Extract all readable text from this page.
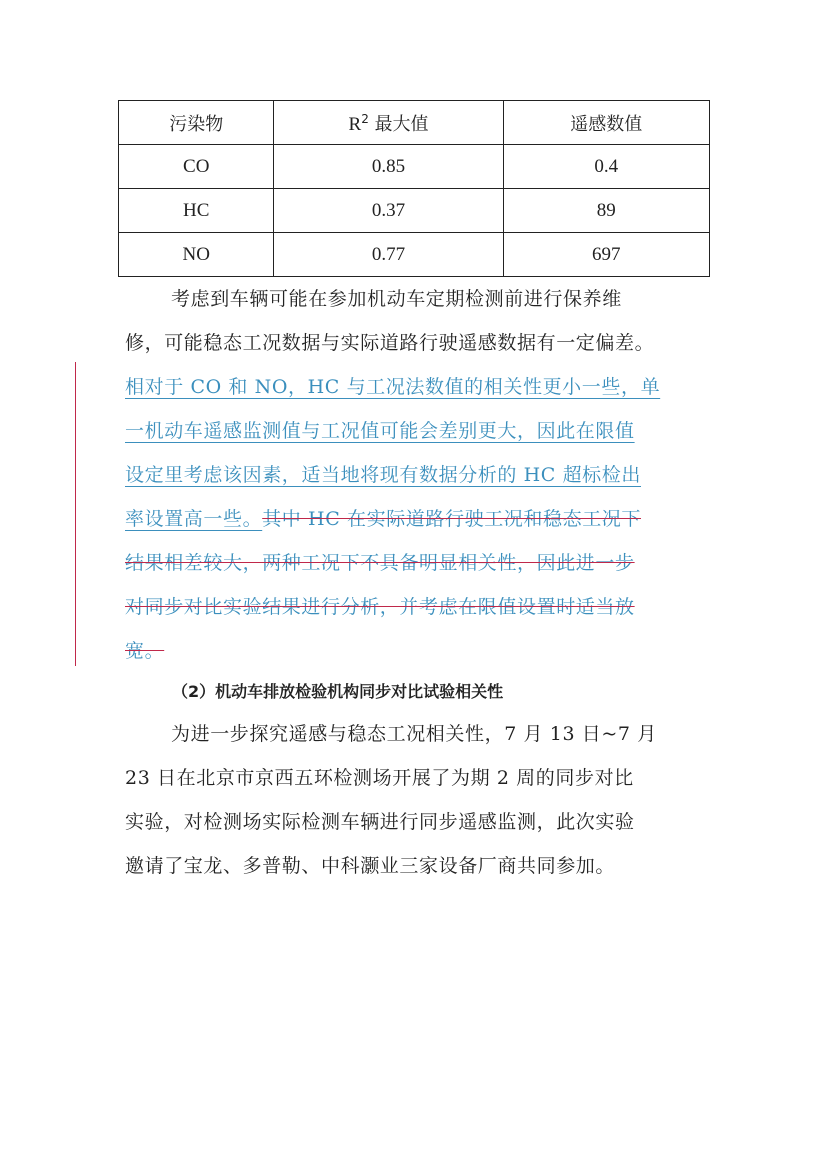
污染物	$R^2$ 最大值	遥感数值
CO	0.85	0.4
HC	0.37	89
NO	0.77	697
考虑到车辆可能在参加机动车定期检测前进行保养维
修，可能稳态工况数据与实际道路行驶遥感数据有一定偏差。
相对于 CO 和 NO，HC 与工况法数值的相关性更小一些，单
一机动车遥感监测值与工况值可能会差别更大，因此在限值
设定里考虑该因素，适当地将现有数据分析的 HC 超标检出
率设置高一些。其中 HC 在实际道路行驶工况和稳态工况下
结果相差较大，两种工况下不具备明显相关性，因此进一步
对同步对比实验结果进行分析，并考虑在限值设置时适当放
宽。
（2）机动车排放检验机构同步对比试验相关性
为进一步探究遥感与稳态工况相关性，7 月 13 日~7 月
23 日在北京市京西五环检测场开展了为期 2 周的同步对比
实验，对检测场实际检测车辆进行同步遥感监测，此次实验
邀请了宝龙、多普勒、中科灏业三家设备厂商共同参加。
